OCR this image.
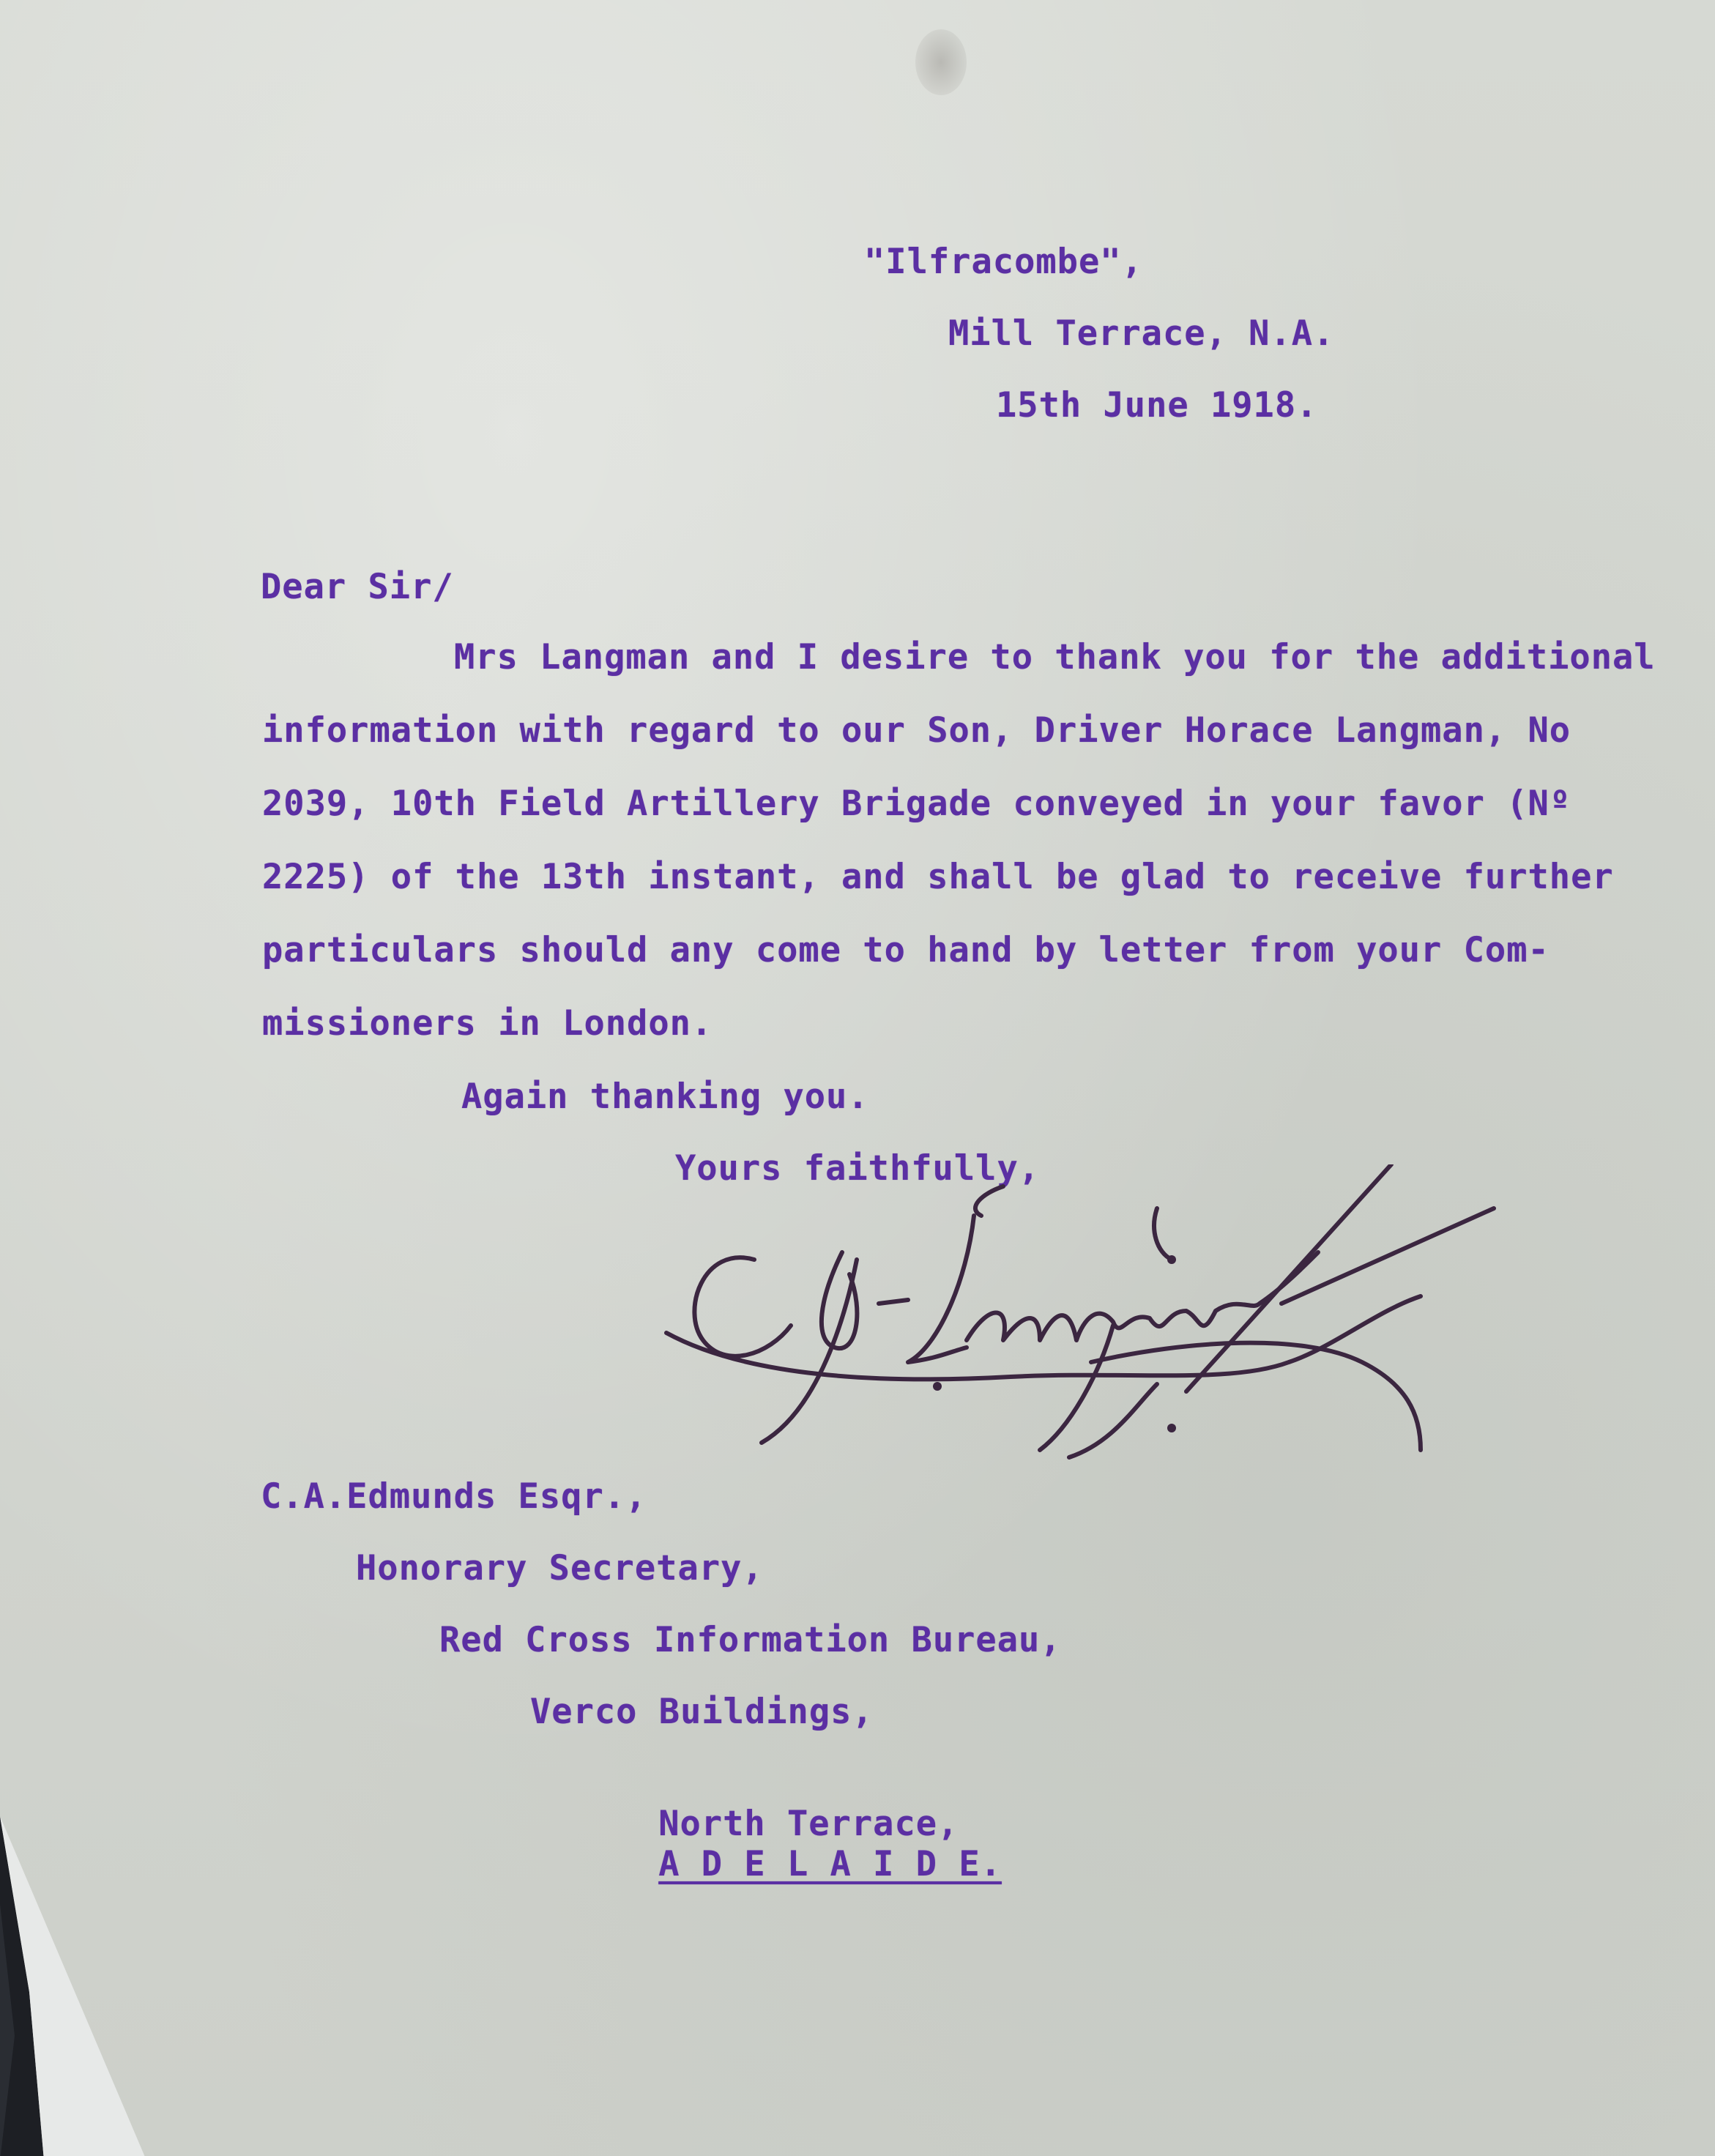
"Ilfracombe",
Mill Terrace, N.A.
15th June 1918.
Dear Sir/
Mrs Langman and I desire to thank you for the additional
information with regard to our Son, Driver Horace Langman, No
2039, 10th Field Artillery Brigade conveyed in your favor (Nº
2225) of the 13th instant, and shall be glad to receive further
particulars should any come to hand by letter from your Com-
missioners in London.
Again thanking you.
Yours faithfully,
C.A.Edmunds Esqr.,
Honorary Secretary,
Red Cross Information Bureau,
Verco Buildings,

North Terrace,
A D E L A I D E.
